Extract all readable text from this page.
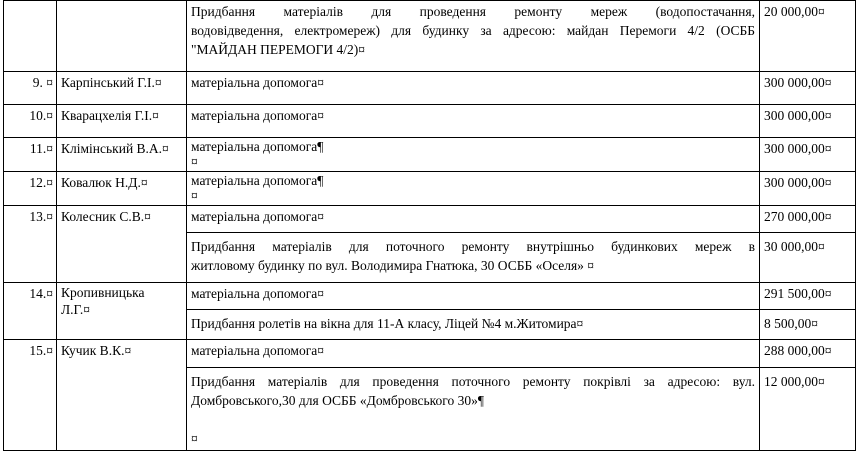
		Придбання матеріалів для проведення ремонту мереж (водопостачання,
водовідведення, електромереж) для будинку за адресою: майдан Перемоги 4/2 (ОСББ
"МАЙДАН ПЕРЕМОГИ 4/2)¤	20 000,00¤
9. ¤	Карпінський Г.І.¤	матеріальна допомога¤	300 000,00¤
10.¤	Кварацхелія Г.І.¤	матеріальна допомога¤	300 000,00¤
11.¤	Клімінський В.А.¤	матеріальна допомога¶
¤	300 000,00¤
12.¤	Ковалюк Н.Д.¤	матеріальна допомога¶
¤	300 000,00¤
13.¤	Колесник С.В.¤	матеріальна допомога¤	270 000,00¤

		Придбання матеріалів для поточного ремонту внутрішньо будинкових мереж в
житловому будинку по вул. Володимира Гнатюка, 30 ОСББ «Оселя» ¤	30 000,00¤
14.¤	Кропивницька
Л.Г.¤	матеріальна допомога¤	291 500,00¤

		Придбання ролетів на вікна для 11-А класу, Ліцей №4 м.Житомира¤	8 500,00¤
15.¤	Кучик В.К.¤	матеріальна допомога¤	288 000,00¤

		Придбання матеріалів для проведення поточного ремонту покрівлі за адресою: вул.
Домбровського,30 для ОСББ «Домбровського 30»¶
¤	12 000,00¤
